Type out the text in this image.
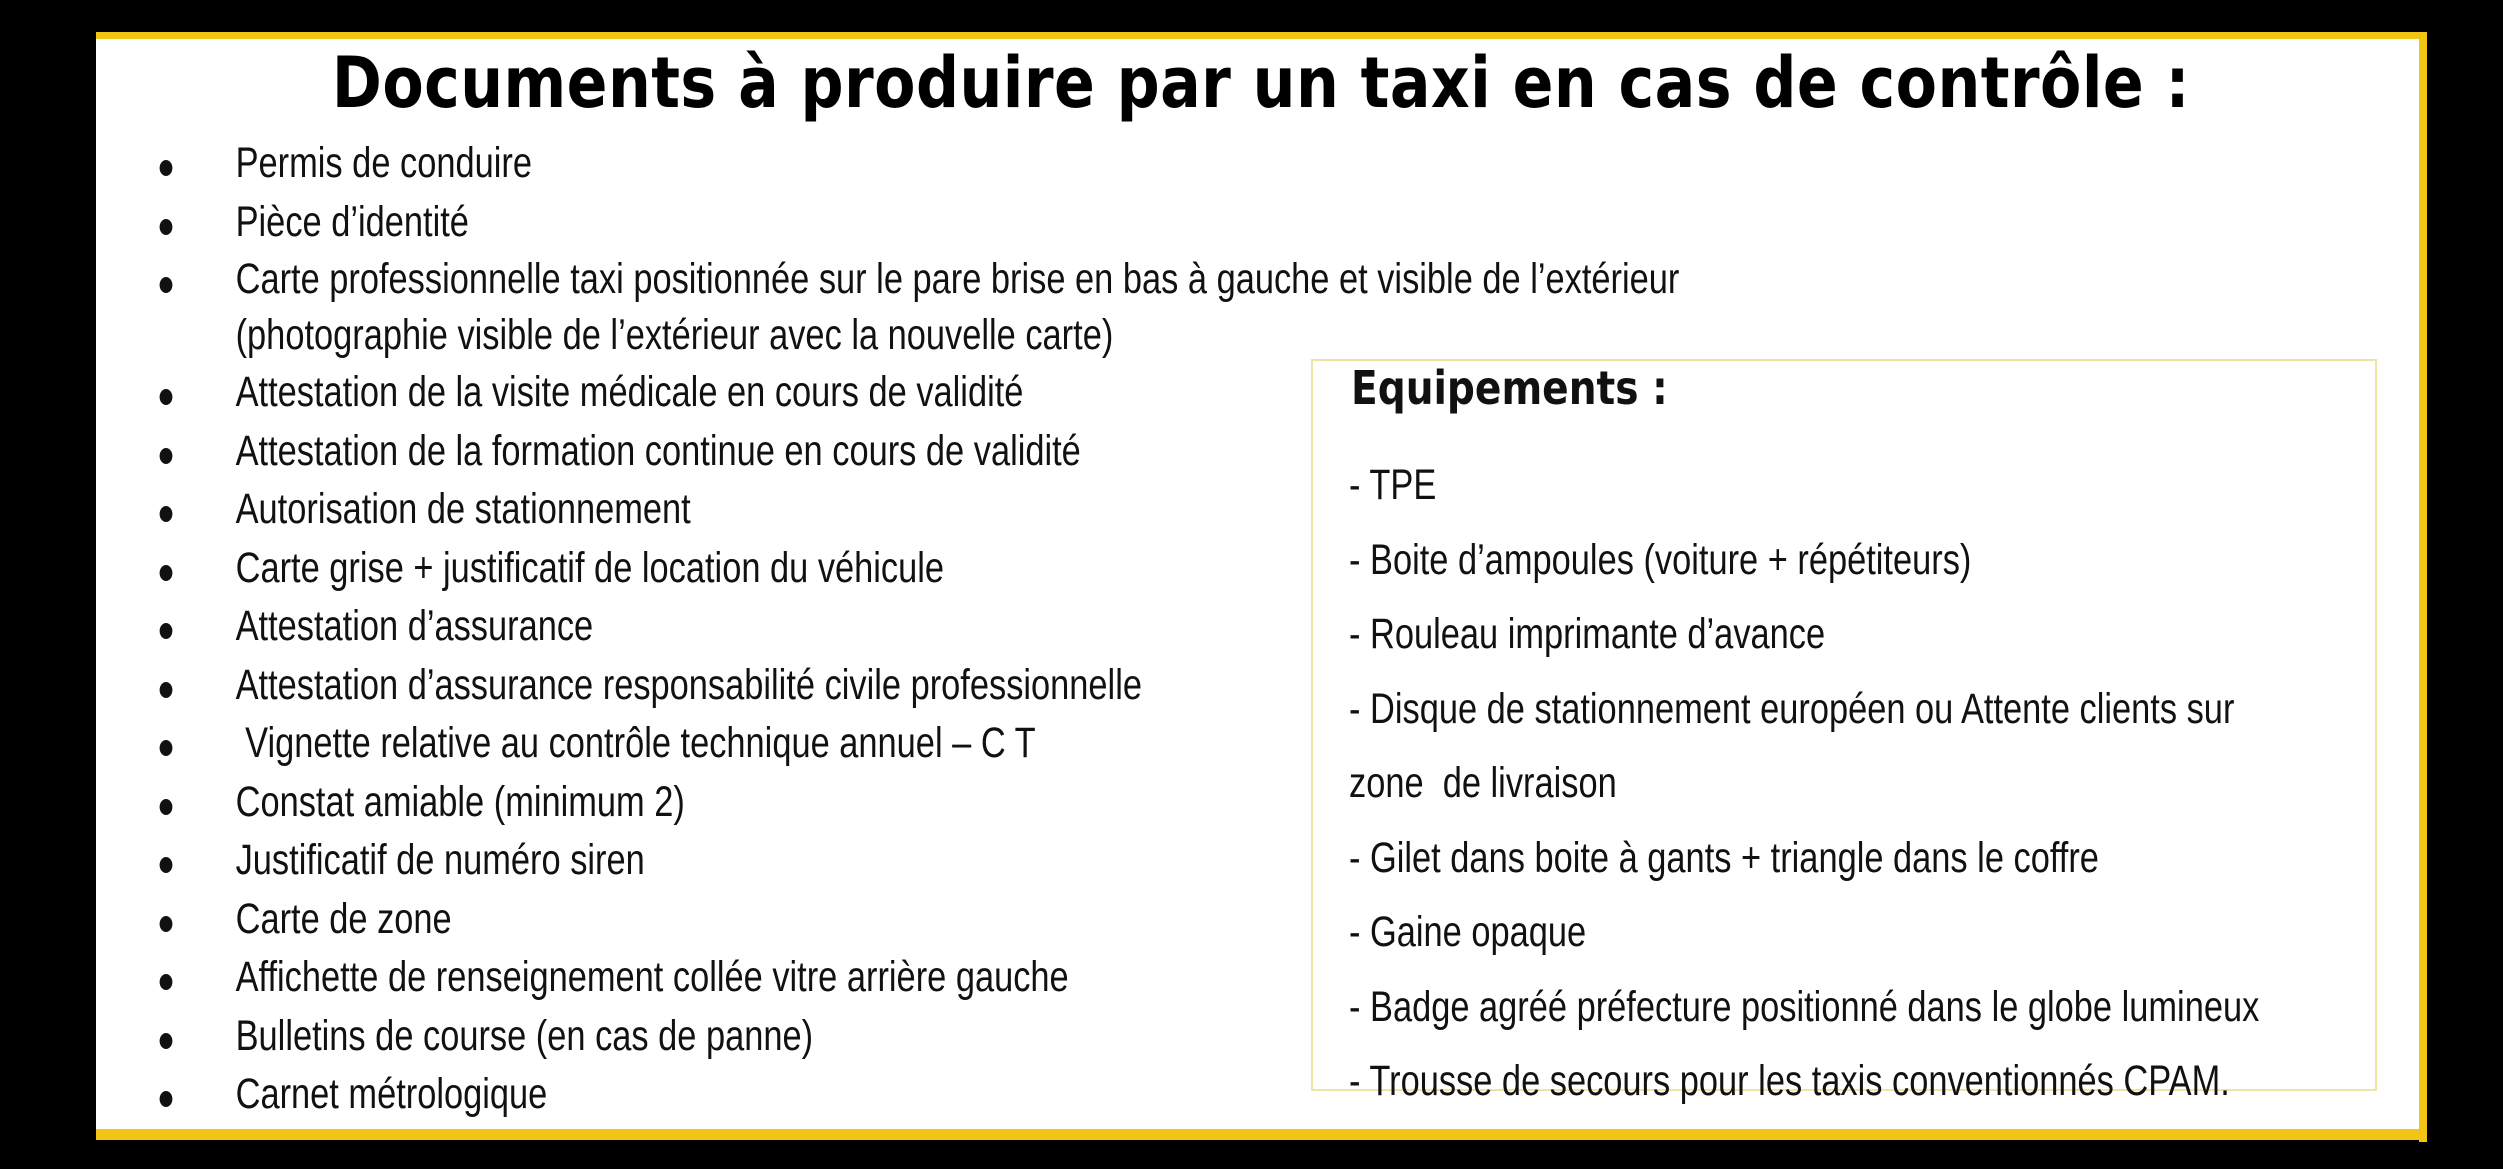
Documents à produire par un taxi en cas de contrôle :
Permis de conduire
Pièce d’identité
Carte professionnelle taxi positionnée sur le pare brise en bas à gauche et visible de l’extérieur
(photographie visible de l’extérieur avec la nouvelle carte)
Attestation de la visite médicale en cours de validité
Attestation de la formation continue en cours de validité
Autorisation de stationnement
Carte grise + justificatif de location du véhicule
Attestation d’assurance
Attestation d’assurance responsabilité civile professionnelle
Vignette relative au contrôle technique annuel – C T
Constat amiable (minimum 2)
Justificatif de numéro siren
Carte de zone
Affichette de renseignement collée vitre arrière gauche
Bulletins de course (en cas de panne)
Carnet métrologique
Equipements :
- TPE
- Boite d’ampoules (voiture + répétiteurs)
- Rouleau imprimante d’avance
- Disque de stationnement européen ou Attente clients sur
zone  de livraison
- Gilet dans boite à gants + triangle dans le coffre
- Gaine opaque
- Badge agréé préfecture positionné dans le globe lumineux
- Trousse de secours pour les taxis conventionnés CPAM.
